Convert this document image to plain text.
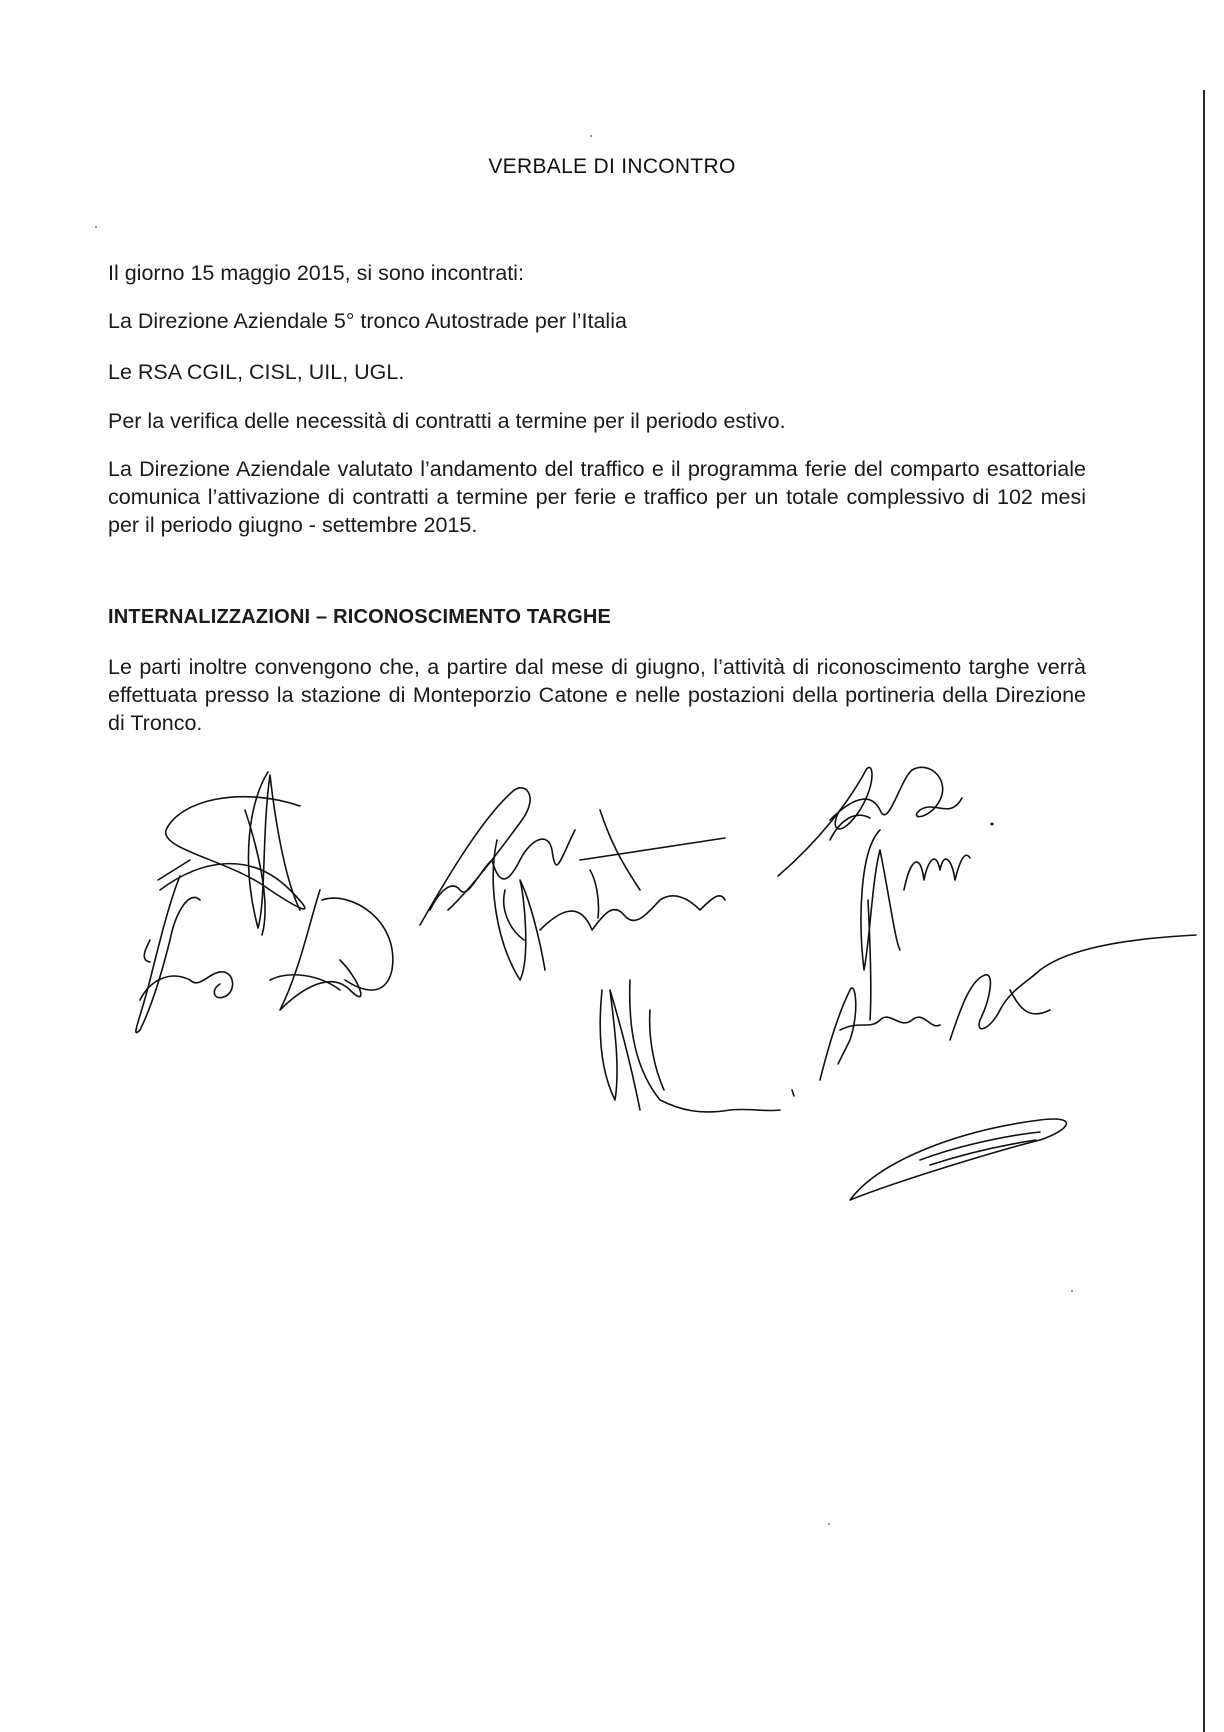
VERBALE DI INCONTRO

Il giorno 15 maggio 2015, si sono incontrati:

La Direzione Aziendale 5° tronco Autostrade per l’Italia

Le RSA CGIL, CISL, UIL, UGL.

Per la verifica delle necessità di contratti a termine per il periodo estivo.

La Direzione Aziendale valutato l’andamento del traffico e il programma ferie del comparto esattoriale comunica l’attivazione di contratti a termine per ferie e traffico per un totale complessivo di 102 mesi per il periodo giugno - settembre 2015.

INTERNALIZZAZIONI – RICONOSCIMENTO TARGHE

Le parti inoltre convengono che, a partire dal mese di giugno, l’attività di riconoscimento targhe verrà effettuata presso la stazione di Monteporzio Catone e nelle postazioni della portineria della Direzione di Tronco.
